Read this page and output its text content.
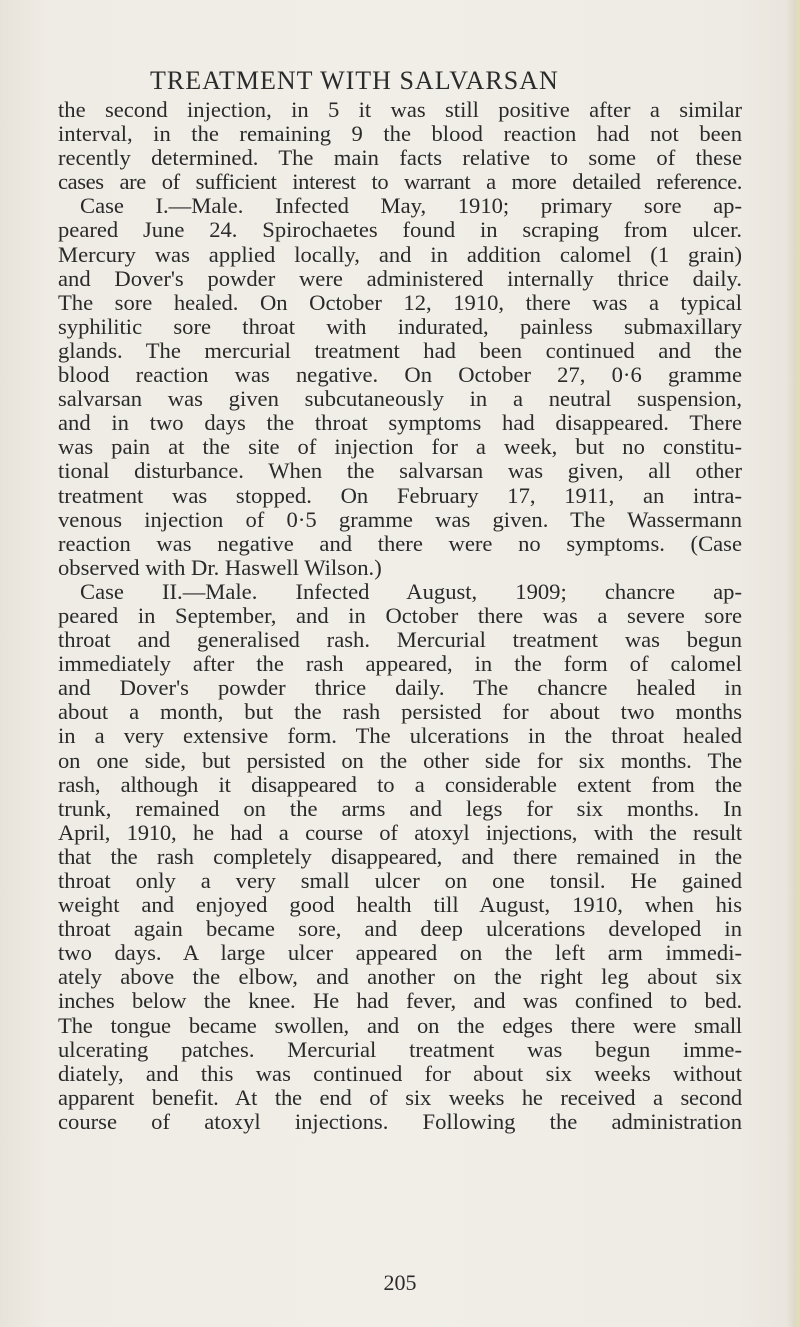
TREATMENT WITH SALVARSAN
the second injection, in 5 it was still positive after a similar
interval, in the remaining 9 the blood reaction had not been
recently determined. The main facts relative to some of these
cases are of sufficient interest to warrant a more detailed reference.
Case I.—Male. Infected May, 1910; primary sore ap-
peared June 24. Spirochaetes found in scraping from ulcer.
Mercury was applied locally, and in addition calomel (1 grain)
and Dover's powder were administered internally thrice daily.
The sore healed. On October 12, 1910, there was a typical
syphilitic sore throat with indurated, painless submaxillary
glands. The mercurial treatment had been continued and the
blood reaction was negative. On October 27, 0·6 gramme
salvarsan was given subcutaneously in a neutral suspension,
and in two days the throat symptoms had disappeared. There
was pain at the site of injection for a week, but no constitu-
tional disturbance. When the salvarsan was given, all other
treatment was stopped. On February 17, 1911, an intra-
venous injection of 0·5 gramme was given. The Wassermann
reaction was negative and there were no symptoms. (Case
observed with Dr. Haswell Wilson.)
Case II.—Male. Infected August, 1909; chancre ap-
peared in September, and in October there was a severe sore
throat and generalised rash. Mercurial treatment was begun
immediately after the rash appeared, in the form of calomel
and Dover's powder thrice daily. The chancre healed in
about a month, but the rash persisted for about two months
in a very extensive form. The ulcerations in the throat healed
on one side, but persisted on the other side for six months. The
rash, although it disappeared to a considerable extent from the
trunk, remained on the arms and legs for six months. In
April, 1910, he had a course of atoxyl injections, with the result
that the rash completely disappeared, and there remained in the
throat only a very small ulcer on one tonsil. He gained
weight and enjoyed good health till August, 1910, when his
throat again became sore, and deep ulcerations developed in
two days. A large ulcer appeared on the left arm immedi-
ately above the elbow, and another on the right leg about six
inches below the knee. He had fever, and was confined to bed.
The tongue became swollen, and on the edges there were small
ulcerating patches. Mercurial treatment was begun imme-
diately, and this was continued for about six weeks without
apparent benefit. At the end of six weeks he received a second
course of atoxyl injections. Following the administration
205
